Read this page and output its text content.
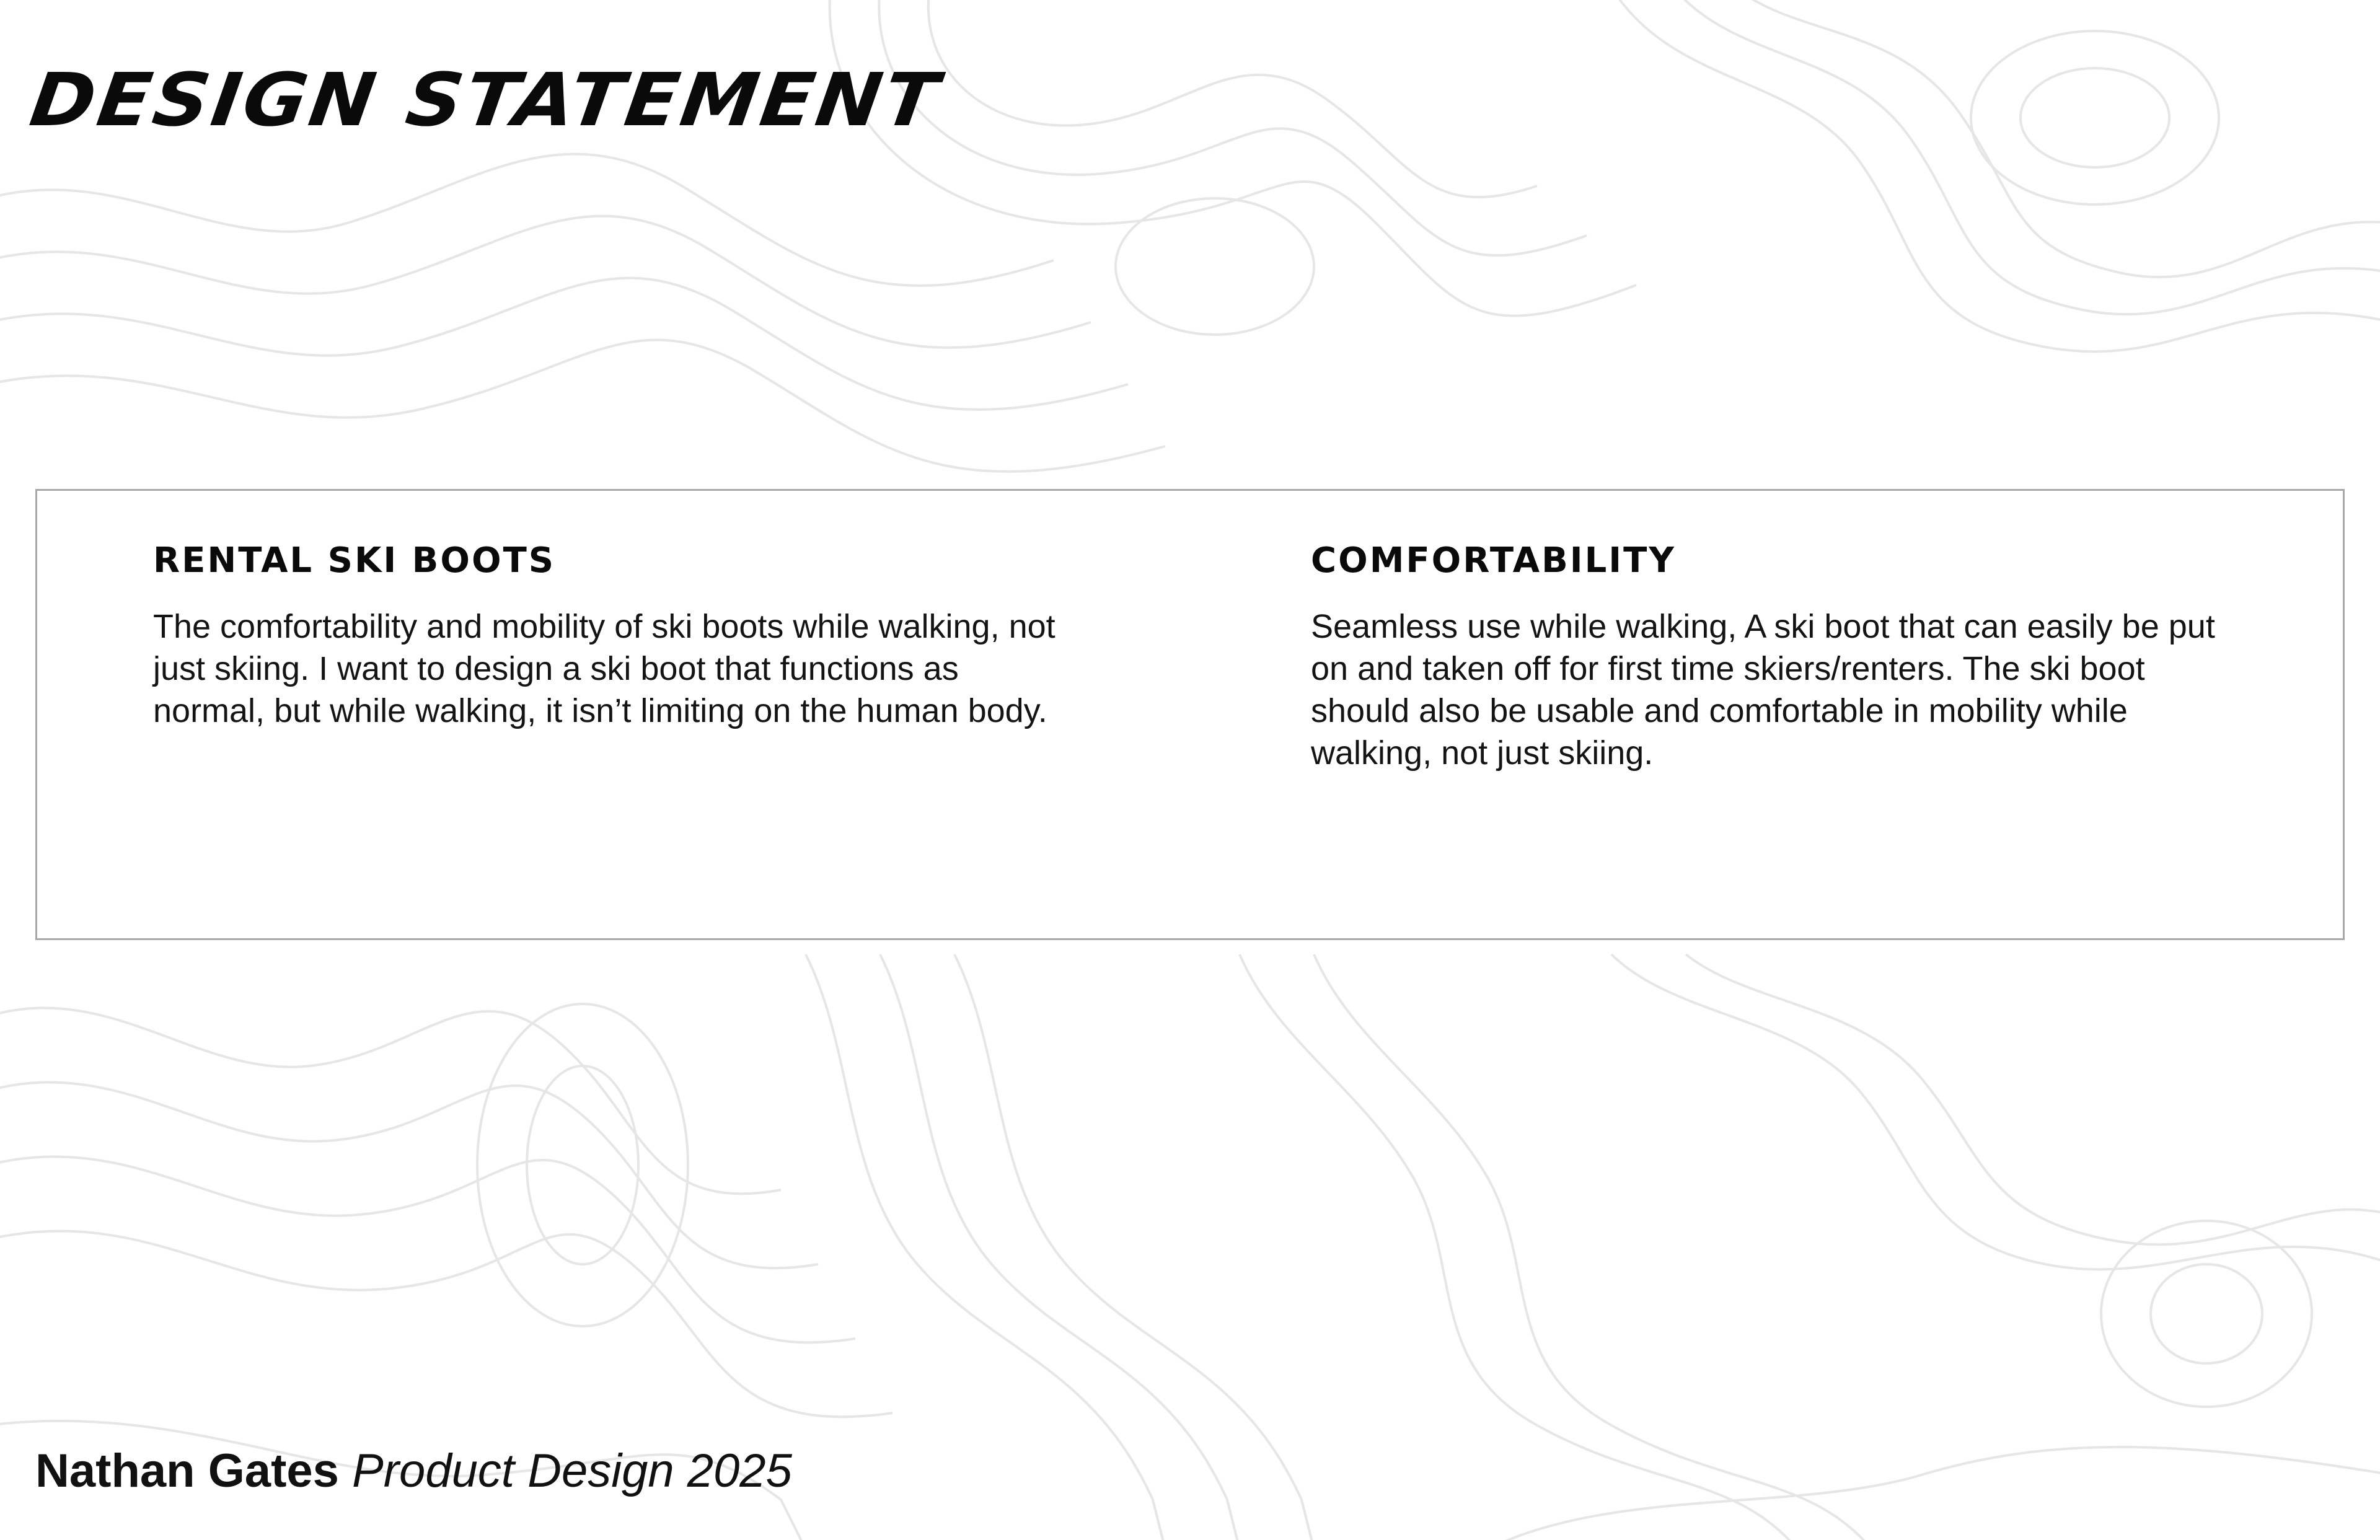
DESIGN STATEMENT
RENTAL SKI BOOTS

The comfortability and mobility of ski boots while walking, not just skiing. I want to design a ski boot that functions as normal, but while walking, it isn’t limiting on the human body.

COMFORTABILITY

Seamless use while walking, A ski boot that can easily be put on and taken off for first time skiers/renters. The ski boot should also be usable and comfortable in mobility while walking, not just skiing.

Nathan Gates Product Design 2025
